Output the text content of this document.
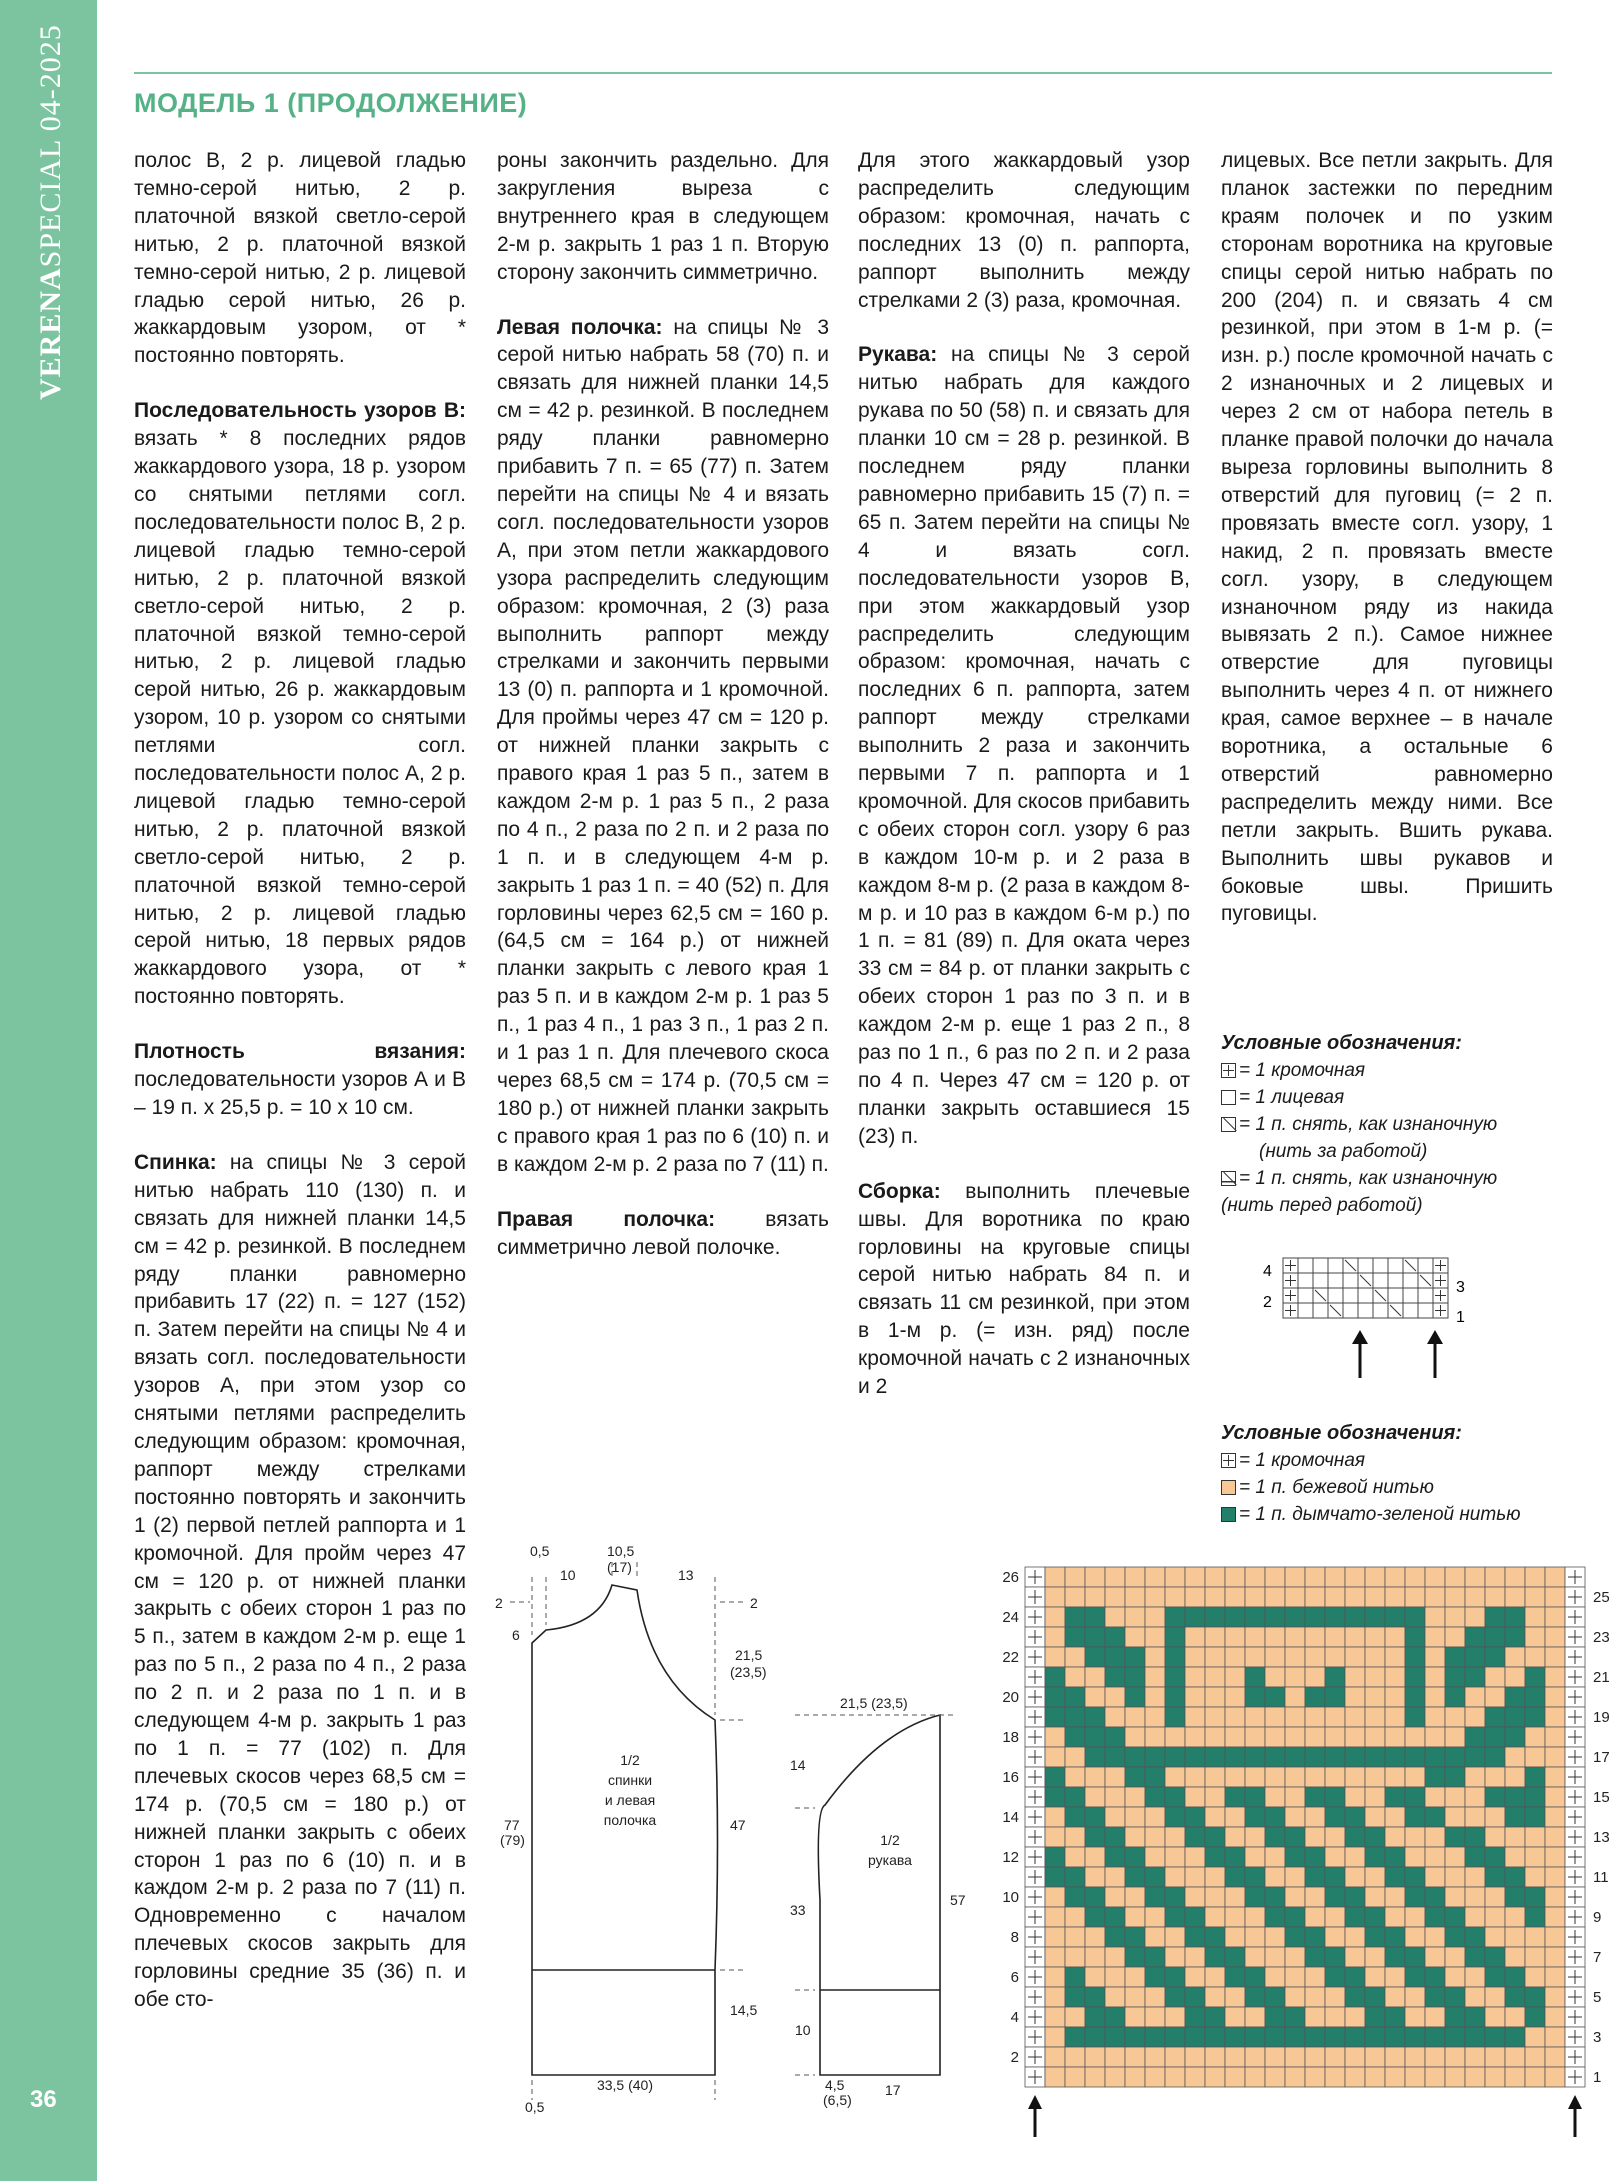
VERENASPECIAL 04-2025
36
МОДЕЛЬ 1 (ПРОДОЛЖЕНИЕ)

полос В, 2 р. лицевой гладью темно-серой нитью, 2 р. платочной вязкой светло-серой нитью, 2 р. платочной вязкой темно-серой нитью, 2 р. лицевой гладью серой нитью, 26 р. жаккардовым узором, от * постоянно повторять.

Последовательность узоров В: вязать * 8 последних рядов жаккардового узора, 18 р. узором со снятыми петлями согл. последовательности полос В, 2 р. лицевой гладью темно-серой нитью, 2 р. платочной вязкой светло-серой нитью, 2 р. платочной вязкой темно-серой нитью, 2 р. лицевой гладью серой нитью, 26 р. жаккардовым узором, 10 р. узором со снятыми петлями согл. последовательности полос А, 2 р. лицевой гладью темно-серой нитью, 2 р. платочной вязкой светло-серой нитью, 2 р. платочной вязкой темно-серой нитью, 2 р. лицевой гладью серой нитью, 18 первых рядов жаккардового узора, от * постоянно повторять.

Плотность вязания: последовательности узоров А и В – 19 п. х 25,5 р. = 10 х 10 см.

Спинка: на спицы № 3 серой нитью набрать 110 (130) п. и связать для нижней планки 14,5 см = 42 р. резинкой. В последнем ряду планки равномерно прибавить 17 (22) п. = 127 (152) п. Затем перейти на спицы № 4 и вязать согл. последовательности узоров А, при этом узор со снятыми петлями распределить следующим образом: кромочная, раппорт между стрелками постоянно повторять и закончить 1 (2) первой петлей раппорта и 1 кромочной. Для пройм через 47 см = 120 р. от нижней планки закрыть с обеих сторон 1 раз по 5 п., затем в каждом 2-м р. еще 1 раз по 5 п., 2 раза по 4 п., 2 раза по 2 п. и 2 раза по 1 п. и в следующем 4-м р. закрыть 1 раз по 1 п. = 77 (102) п. Для плечевых скосов через 68,5 см = 174 р. (70,5 см = 180 р.) от нижней планки закрыть с обеих сторон 1 раз по 6 (10) п. и в каждом 2-м р. 2 раза по 7 (11) п. Одновременно с началом плечевых скосов закрыть для горловины средние 35 (36) п. и обе сто-

роны закончить раздельно. Для закругления выреза с внутреннего края в следующем 2-м р. закрыть 1 раз 1 п. Вторую сторону закончить симметрично.

Левая полочка: на спицы № 3 серой нитью набрать 58 (70) п. и связать для нижней планки 14,5 см = 42 р. резинкой. В последнем ряду планки равномерно прибавить 7 п. = 65 (77) п. Затем перейти на спицы № 4 и вязать согл. последовательности узоров А, при этом петли жаккардового узора распределить следующим образом: кромочная, 2 (3) раза выполнить раппорт между стрелками и закончить первыми 13 (0) п. раппорта и 1 кромочной. Для проймы через 47 см = 120 р. от нижней планки закрыть с правого края 1 раз 5 п., затем в каждом 2-м р. 1 раз 5 п., 2 раза по 4 п., 2 раза по 2 п. и 2 раза по 1 п. и в следующем 4-м р. закрыть 1 раз 1 п. = 40 (52) п. Для горловины через 62,5 см = 160 р. (64,5 см = 164 р.) от нижней планки закрыть с левого края 1 раз 5 п. и в каждом 2-м р. 1 раз 5 п., 1 раз 4 п., 1 раз 3 п., 1 раз 2 п. и 1 раз 1 п. Для плечевого скоса через 68,5 см = 174 р. (70,5 см = 180 р.) от нижней планки закрыть с правого края 1 раз по 6 (10) п. и в каждом 2-м р. 2 раза по 7 (11) п.

Правая полочка: вязать симметрично левой полочке.

Для этого жаккардовый узор распределить следующим образом: кромочная, начать с последних 13 (0) п. раппорта, раппорт выполнить между стрелками 2 (3) раза, кромочная.

Рукава: на спицы № 3 серой нитью набрать для каждого рукава по 50 (58) п. и связать для планки 10 см = 28 р. резинкой. В последнем ряду планки равномерно прибавить 15 (7) п. = 65 п. Затем перейти на спицы № 4 и вязать согл. последовательности узоров В, при этом жаккардовый узор распределить следующим образом: кромочная, начать с последних 6 п. раппорта, затем раппорт между стрелками выполнить 2 раза и закончить первыми 7 п. раппорта и 1 кромочной. Для скосов прибавить с обеих сторон согл. узору 6 раз в каждом 10-м р. и 2 раза в каждом 8-м р. (2 раза в каждом 8-м р. и 10 раз в каждом 6-м р.) по 1 п. = 81 (89) п. Для оката через 33 см = 84 р. от планки закрыть с обеих сторон 1 раз по 3 п. и в каждом 2-м р. еще 1 раз 2 п., 8 раз по 1 п., 6 раз по 2 п. и 2 раза по 4 п. Через 47 см = 120 р. от планки закрыть оставшиеся 15 (23) п.

Сборка: выполнить плечевые швы. Для воротника по краю горловины на круговые спицы серой нитью набрать 84 п. и связать 11 см резинкой, при этом в 1-м р. (= изн. ряд) после кромочной начать с 2 изнаночных и 2

лицевых. Все петли закрыть. Для планок застежки по передним краям полочек и по узким сторонам воротника на круговые спицы серой нитью набрать по 200 (204) п. и связать 4 см резинкой, при этом в 1-м р. (= изн. р.) после кромочной начать с 2 изнаночных и 2 лицевых и через 2 см от набора петель в планке правой полочки до начала выреза горловины выполнить 8 отверстий для пуговиц (= 2 п. провязать вместе согл. узору, 1 накид, 2 п. провязать вместе согл. узору, в следующем изнаночном ряду из накида вывязать 2 п.). Самое нижнее отверстие для пуговицы выполнить через 4 п. от нижнего края, самое верхнее – в начале воротника, а остальные 6 отверстий равномерно распределить между ними. Все петли закрыть. Вшить рукава. Выполнить швы рукавов и боковые швы. Пришить пуговицы.

Условные обозначения:
= 1 кромочная
= 1 лицевая
= 1 п. снять, как изнаночную
(нить за работой)
= 1 п. снять, как изнаночную
(нить перед работой)
4
2
3
1
Условные обозначения:
= 1 кромочная
= 1 п. бежевой нитью
= 1 п. дымчато-зеленой нитью
0,5
10
10,5
(17)	13
2	2
6
21,5
(23,5)
1/2
спинки
и левая
полочка
77
(79)
47
14,5
0,5
33,5 (40)
21,5 (23,5)
14
1/2
рукава
33
57
10
4,5
(6,5)
17
26
24
22
20
18
16
14
12
10
8
6
4
2
25
23
21
19
17
15
13
11
9
7
5
3
1
